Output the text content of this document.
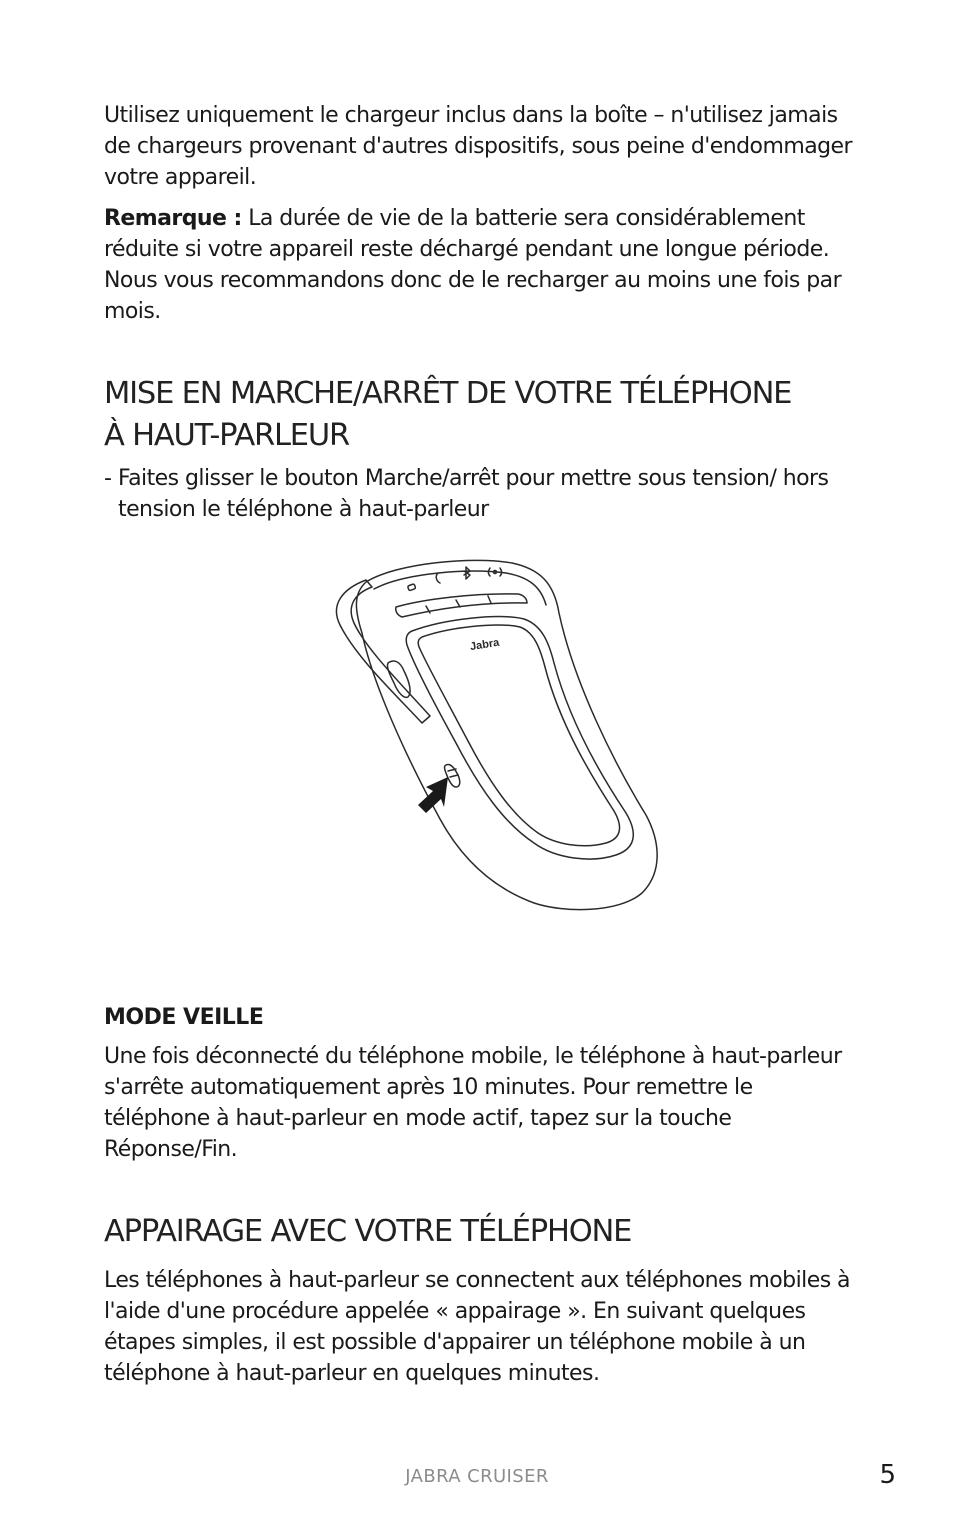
Utilisez uniquement le chargeur inclus dans la boîte – n'utilisez jamais de chargeurs provenant d'autres dispositifs, sous peine d'endommager votre appareil.

Remarque : La durée de vie de la batterie sera considérablement réduite si votre appareil reste déchargé pendant une longue période. Nous vous recommandons donc de le recharger au moins une fois par mois.

MISE EN MARCHE/ARRÊT DE VOTRE TÉLÉPHONE
À HAUT-PARLEUR
- Faites glisser le bouton Marche/arrêt pour mettre sous tension/ hors tension le téléphone à haut-parleur
Jabra
MODE VEILLE

Une fois déconnecté du téléphone mobile, le téléphone à haut-parleur s'arrête automatiquement après 10 minutes. Pour remettre le téléphone à haut-parleur en mode actif, tapez sur la touche Réponse/Fin.

APPAIRAGE AVEC VOTRE TÉLÉPHONE

Les téléphones à haut-parleur se connectent aux téléphones mobiles à l'aide d'une procédure appelée « appairage ». En suivant quelques étapes simples, il est possible d'appairer un téléphone mobile à un téléphone à haut-parleur en quelques minutes.

JABRA CRUISER	5
